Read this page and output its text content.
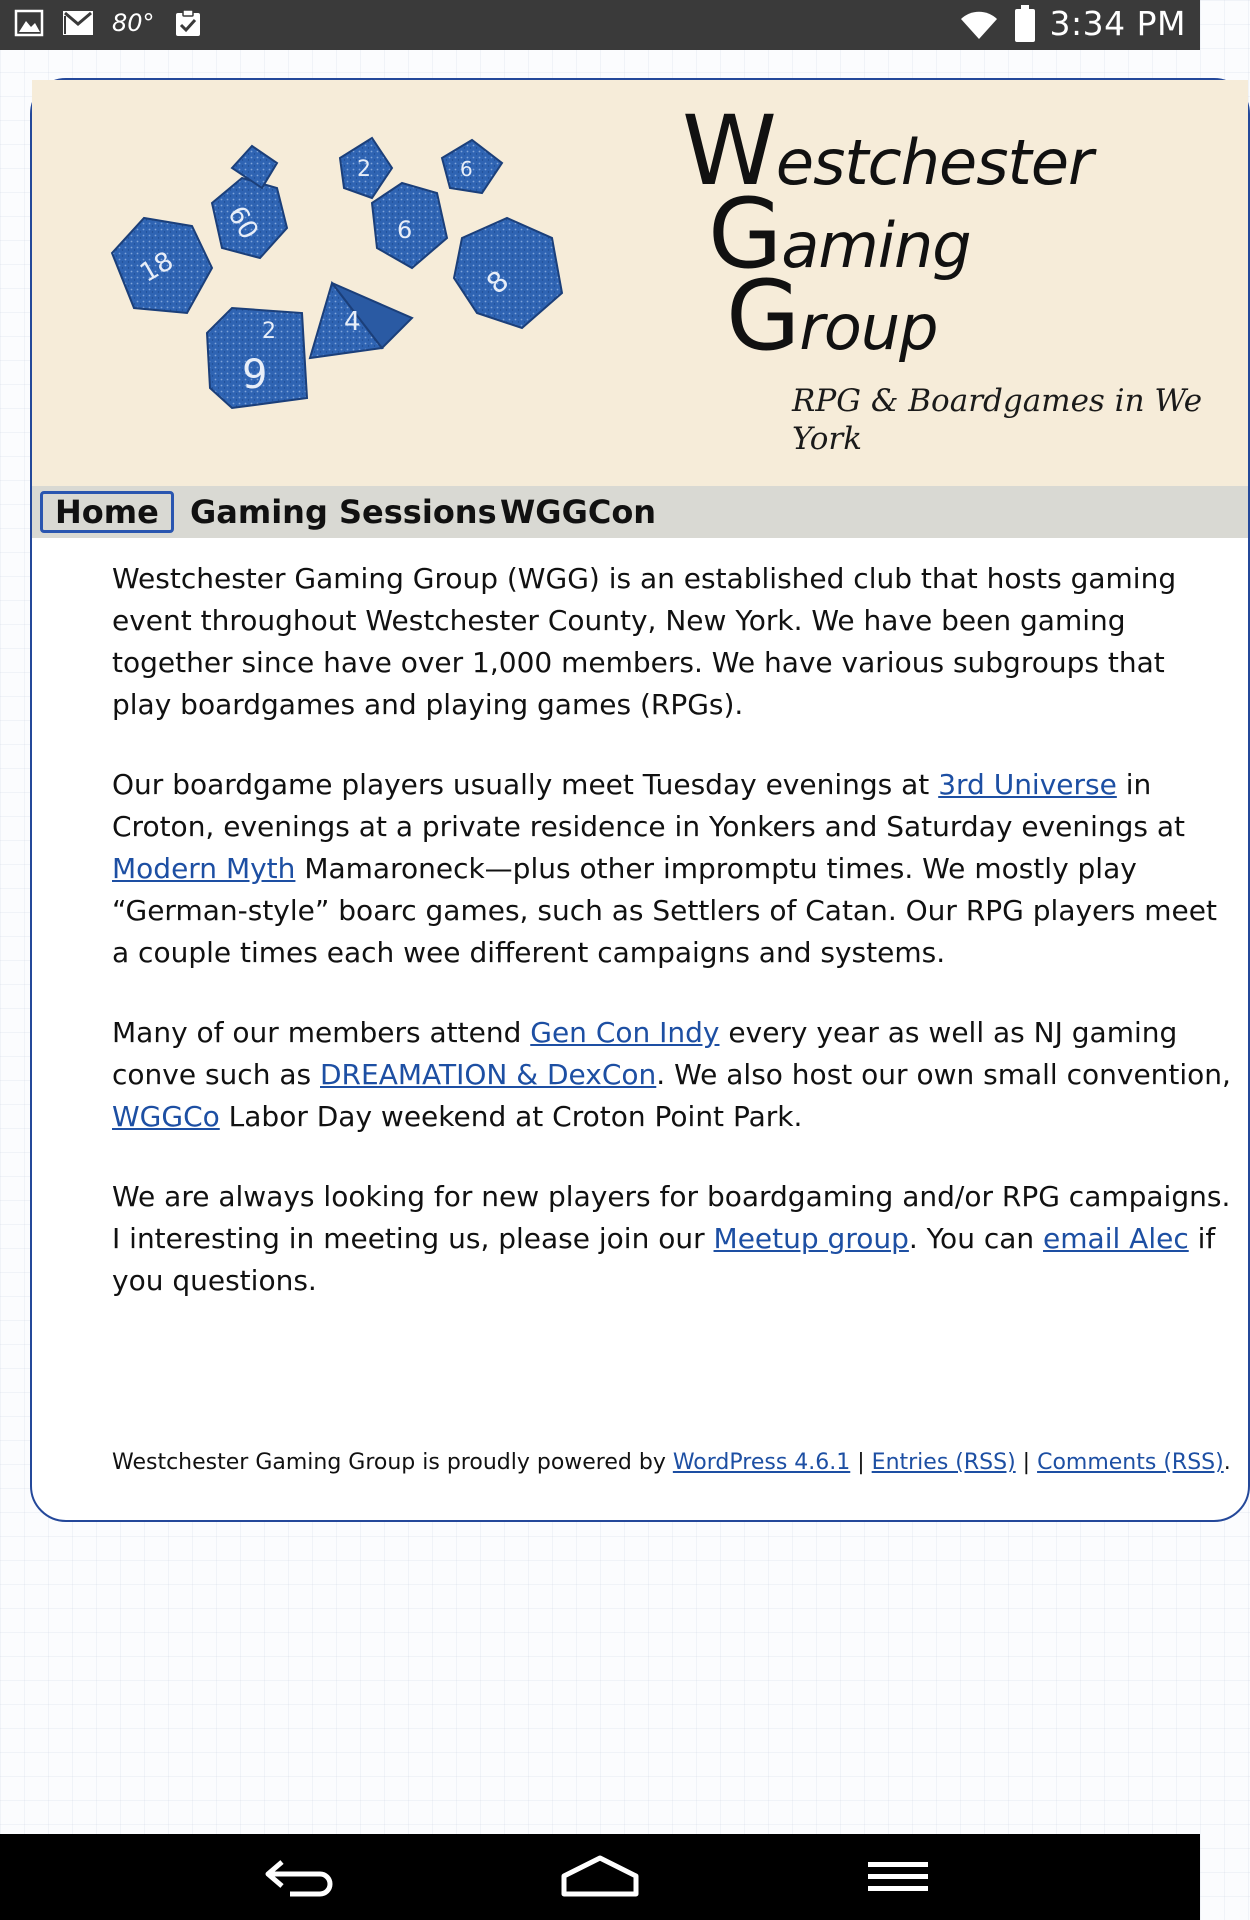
80°	3:34 PM
18
60
9
2
2
6
6
4
8
Westchester
Gaming
Group
RPG & Boardgames in We York
Home Gaming Sessions WGGCon

Westchester Gaming Group (WGG) is an established club that hosts gaming event throughout Westchester County, New York. We have been gaming together since have over 1,000 members. We have various subgroups that play boardgames and playing games (RPGs).

Our boardgame players usually meet Tuesday evenings at 3rd Universe in Croton, evenings at a private residence in Yonkers and Saturday evenings at Modern Myth Mamaroneck—plus other impromptu times. We mostly play “German-style” boarc games, such as Settlers of Catan. Our RPG players meet a couple times each wee different campaigns and systems.

Many of our members attend Gen Con Indy every year as well as NJ gaming conve such as DREAMATION & DexCon. We also host our own small convention, WGGCo Labor Day weekend at Croton Point Park.

We are always looking for new players for boardgaming and/or RPG campaigns. I interesting in meeting us, please join our Meetup group. You can email Alec if you questions.

Westchester Gaming Group is proudly powered by WordPress 4.6.1 | Entries (RSS) | Comments (RSS).
